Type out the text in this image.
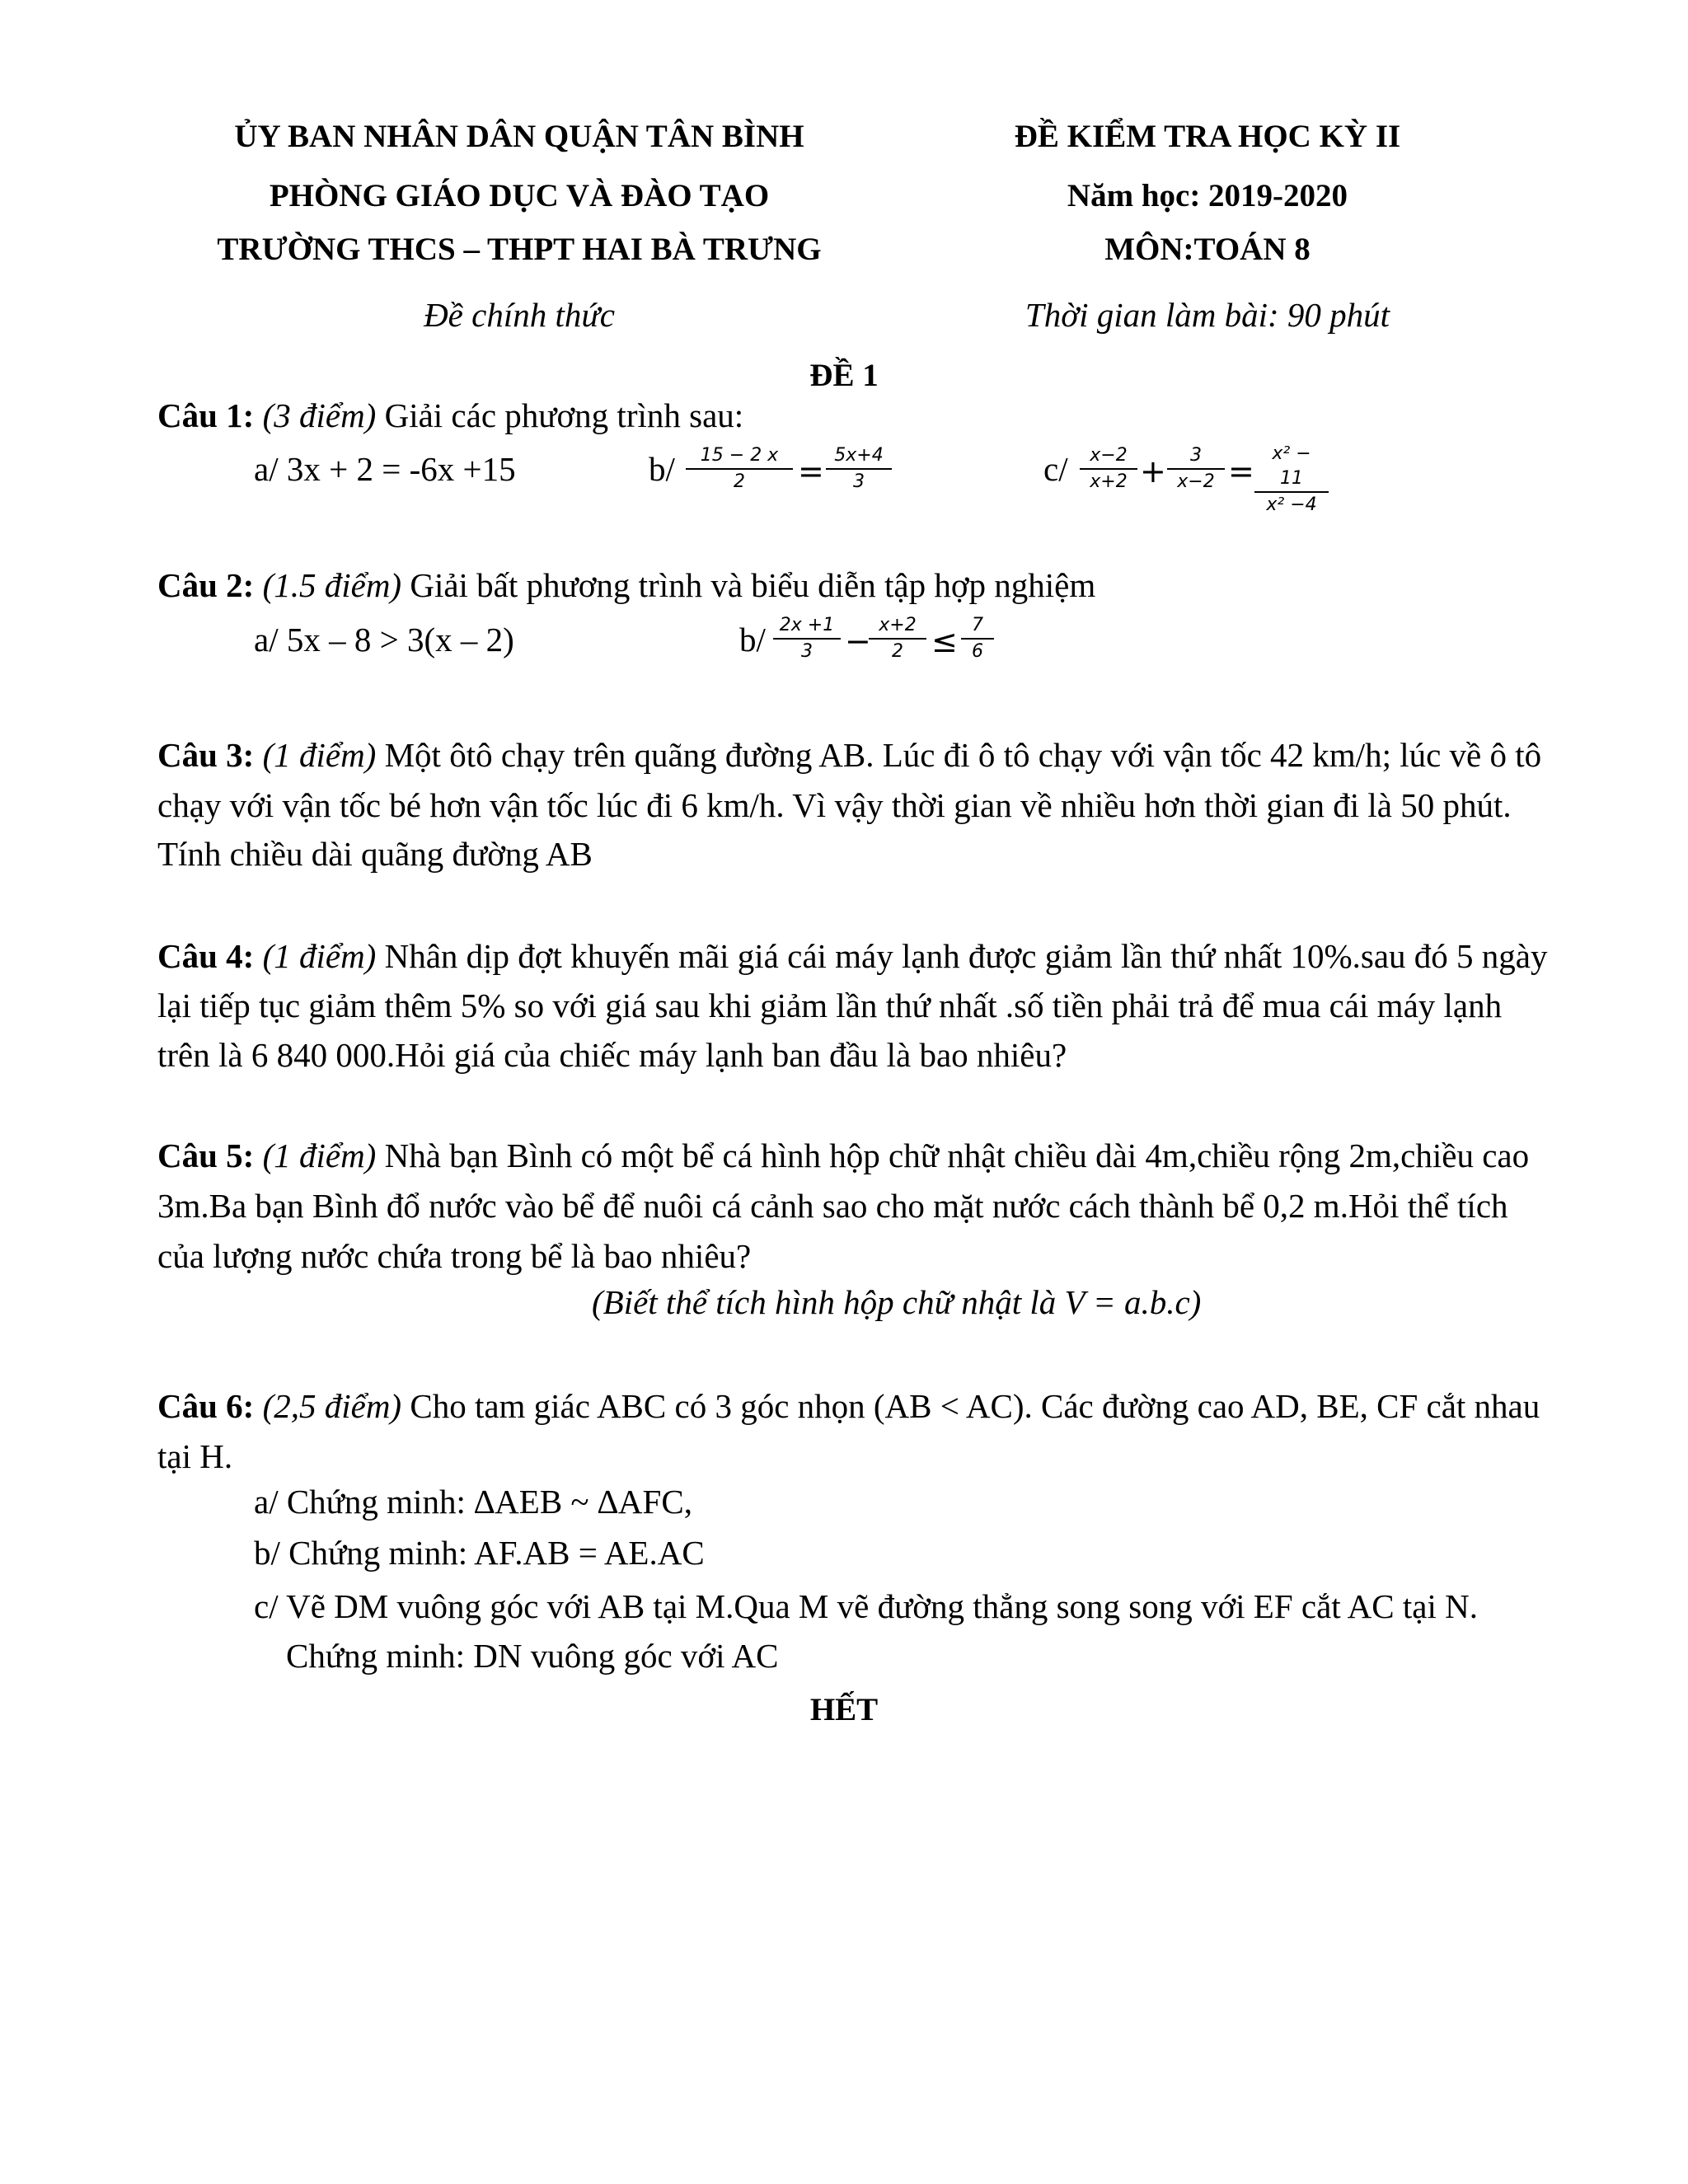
ỦY BAN NHÂN DÂN QUẬN TÂN BÌNH
PHÒNG GIÁO DỤC VÀ ĐÀO TẠO
TRƯỜNG THCS – THPT HAI BÀ TRƯNG
ĐỀ KIỂM TRA HỌC KỲ II
Năm học: 2019-2020
MÔN:TOÁN 8
Đề chính thức	Thời gian làm bài: 90 phút
ĐỀ 1
Câu 1: (3 điểm) Giải các phương trình sau:
a/ 3x + 2 = -6x +15	$b/ \frac{15 - 2 x}{2} = \frac{5x+4}{3}$	$c/ \frac{x-2}{x+2} + \frac{3}{x-2} = \frac{\text{x² − 11}}{\text{x² −4}}$
Câu 2: (1.5 điểm) Giải bất phương trình và biểu diễn tập hợp nghiệm
a/ 5x – 8 > 3(x – 2)	$b/ \frac{2x +1}{3}$ −
$\frac{x+2}{2} \le \frac{7}{6}$
Câu 3: (1 điểm) Một ôtô chạy trên quãng đường AB. Lúc đi ô tô chạy với vận tốc 42 km/h; lúc về ô tô
chạy với vận tốc bé hơn vận tốc lúc đi 6 km/h. Vì vậy thời gian về nhiều hơn thời gian đi là 50 phút.
Tính chiều dài quãng đường AB
Câu 4: (1 điểm) Nhân dịp đợt khuyến mãi giá cái máy lạnh được giảm lần thứ nhất 10%.sau đó 5 ngày
lại tiếp tục giảm thêm 5% so với giá sau khi giảm lần thứ nhất .số tiền phải trả để mua cái máy lạnh
trên là 6 840 000.Hỏi giá của chiếc máy lạnh ban đầu là bao nhiêu?
Câu 5: (1 điểm) Nhà bạn Bình có một bể cá hình hộp chữ nhật chiều dài 4m,chiều rộng 2m,chiều cao
3m.Ba bạn Bình đổ nước vào bể để nuôi cá cảnh sao cho mặt nước cách thành bể 0,2 m.Hỏi thể tích
của lượng nước chứa trong bể là bao nhiêu?
(Biết thể tích hình hộp chữ nhật là V = a.b.c)
Câu 6: (2,5 điểm) Cho tam giác ABC có 3 góc nhọn (AB < AC). Các đường cao AD, BE, CF cắt nhau
tại H.
a/ Chứng minh: ∆AEB ~ ∆AFC,
b/ Chứng minh: AF.AB = AE.AC
c/ Vẽ DM vuông góc với AB tại M.Qua M vẽ đường thẳng song song với EF cắt AC tại N.
Chứng minh: DN vuông góc với AC
HẾT
